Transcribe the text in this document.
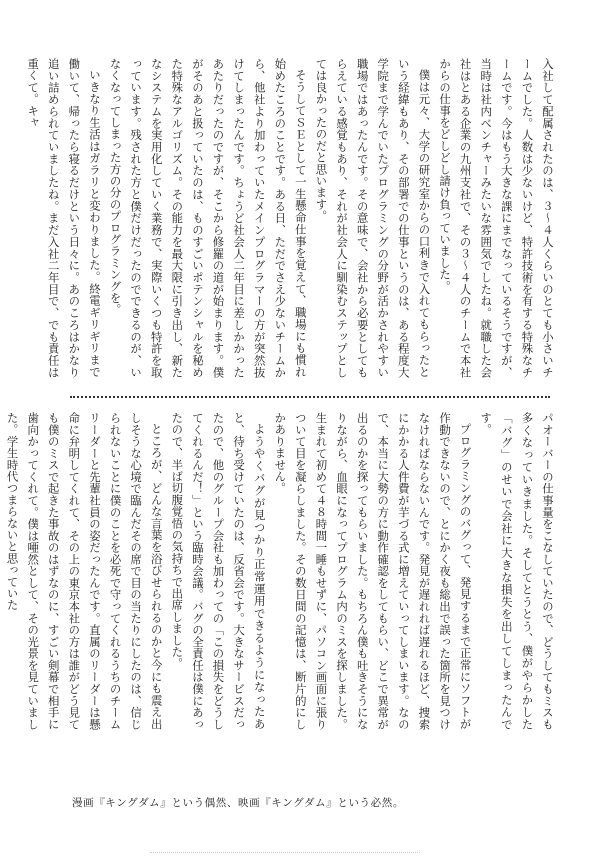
入社して配属されたのは、３〜４人くらいのとても小さいチームでした。人数は少ないけど、特許技術を有する特殊なチームです。今はもう大きな課にまでなっているそうですが、当時は社内ベンチャーみたいな雰囲気でしたね。就職した会社はとある企業の九州支社で、その３〜４人のチームで本社からの仕事をどしどし請け負っていました。

僕は元々、大学の研究室からの口利きで入れてもらったという経緯もあり、その部署での仕事というのは、ある程度大学院まで学んでいたプログラミングの分野が活かされやすい職場ではあったんです。その意味で、会社から必要としてもらえている感覚もあり、それが社会人に馴染むステップとしては良かったのだと思います。

そうしてＳＥとして一生懸命仕事を覚えて、職場にも慣れ始めたころのことです。ある日、ただでさえ少ないチームから、他社より加わっていたメインプログラマーの方が突然抜けてしまったんです。ちょうど社会人二年目に差しかかったあたりだったのですが、そこから修羅の道が始まります。僕がそのあと扱っていたのは、ものすごいポテンシャルを秘めた特殊なアルゴリズム。その能力を最大限に引き出し、新たなシステムを実用化していく業務で、実際いくつも特許を取っています。残された方と僕だけだったのでできるのが、いなくなってしまった方の分のプログラミングを。

いきなり生活はガラリと変わりました。終電ギリギリまで働いて、帰ったら寝るだけという日々に。あのころはかなり追い詰められていましたね。まだ入社二年目で、でも責任は重くて。キャ

パオーバーの仕事量をこなしていたので、どうしてもミスも多くなっていきました。そしてとうとう、僕がやらかした「バグ」のせいで会社に大きな損失を出してしまったんです。

プログラミングのバグって、発見するまで正常にソフトが作動できないので、とにかく夜も総出で誤った箇所を見つけなければならないんです。発見が遅れれば遅れるほど、捜索にかかる人件費が芋づる式に増えていってしまいます。なので、本当に大勢の方に動作確認をしてもらい、どこで異常が出るのかを探ってもらいました。もちろん僕も吐きそうになりながら、血眼になってプログラム内のミスを探しました。生まれて初めて４８時間一睡もせずに、パソコン画面に張りついて目を凝らしました。その数日間の記憶は、断片的にしかありません。

ようやくバグが見つかり正常運用できるようになったあと、待ち受けていたのは、反省会です。大きなサービスだったので、他のグループ会社も加わっての「この損失をどうしてくれるんだ！」という臨時会議。バグの全責任は僕にあったので、半ば切腹覚悟の気持ちで出席しました。

ところが、どんな言葉を浴びせられるのかと今にも震え出しそうな心境で臨んだその席で目の当たりにしたのは、信じられないことに僕のことを必死で守ってくれるうちのチームリーダーと先輩社員の姿だったんです。直属のリーダーは懸命に弁明してくれて、その上の東京本社の方は誰がどう見ても僕のミスで起きた事故のはずなのに、すごい剣幕で相手に歯向かってくれて。僕は唖然として、その光景を見ていました。学生時代つまらないと思っていた

漫画『キングダム』という偶然、映画『キングダム』という必然。
